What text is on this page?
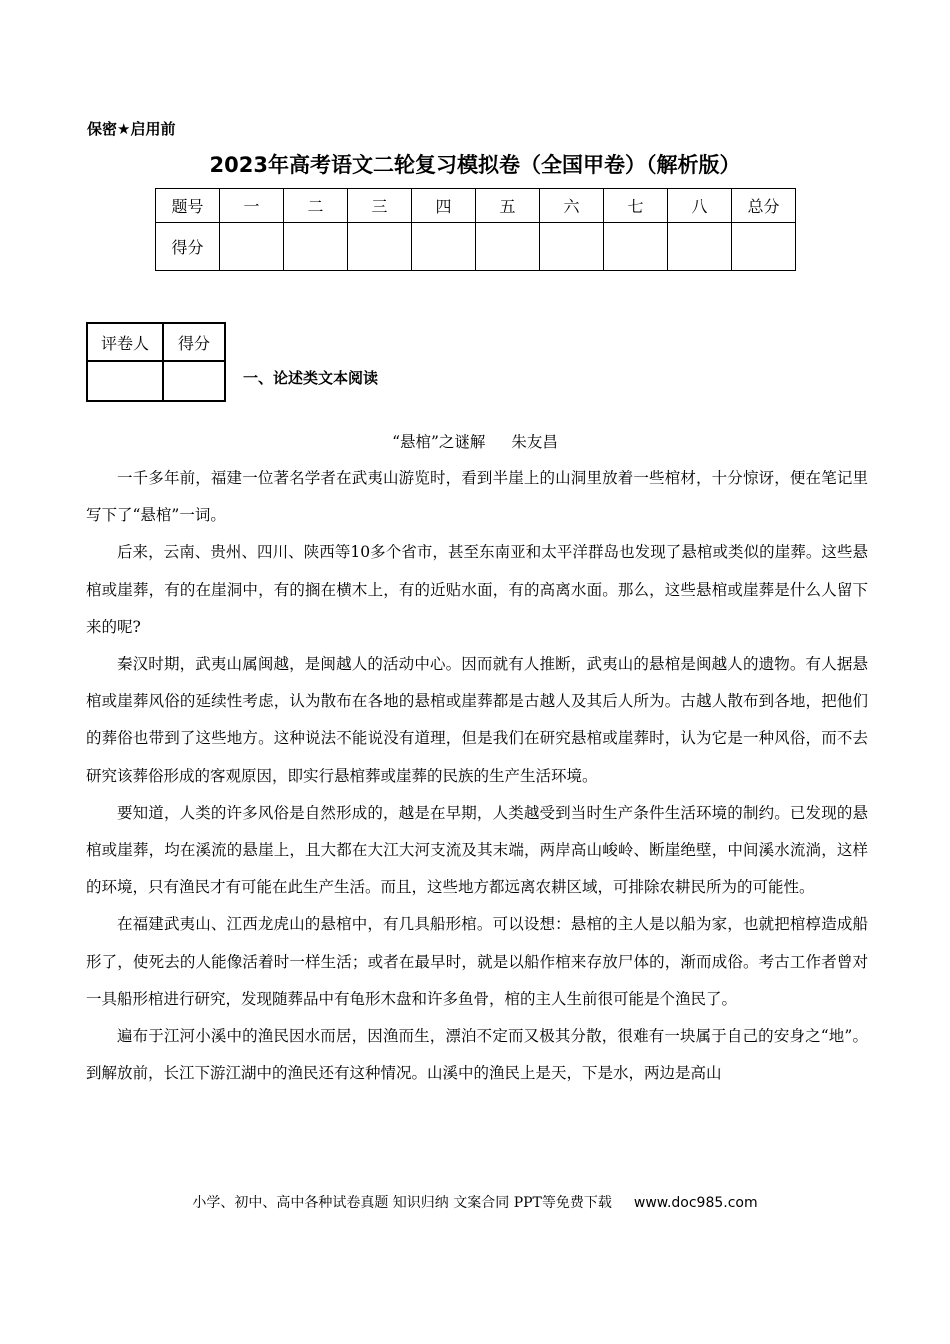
保密★启用前
2023年高考语文二轮复习模拟卷（全国甲卷）（解析版）
题号	一	二	三	四	五	六	七	八	总分
得分									
评卷人	得分

一、论述类文本阅读
“悬棺”之谜解 朱友昌

一千多年前，福建一位著名学者在武夷山游览时，看到半崖上的山洞里放着一些棺材，十分惊讶，便在笔记里写下了“悬棺”一词。

后来，云南、贵州、四川、陕西等10多个省市，甚至东南亚和太平洋群岛也发现了悬棺或类似的崖葬。这些悬棺或崖葬，有的在崖洞中，有的搁在横木上，有的近贴水面，有的高离水面。那么，这些悬棺或崖葬是什么人留下来的呢?

秦汉时期，武夷山属闽越，是闽越人的活动中心。因而就有人推断，武夷山的悬棺是闽越人的遗物。有人据悬棺或崖葬风俗的延续性考虑，认为散布在各地的悬棺或崖葬都是古越人及其后人所为。古越人散布到各地，把他们的葬俗也带到了这些地方。这种说法不能说没有道理，但是我们在研究悬棺或崖葬时，认为它是一种风俗，而不去研究该葬俗形成的客观原因，即实行悬棺葬或崖葬的民族的生产生活环境。

要知道，人类的许多风俗是自然形成的，越是在早期，人类越受到当时生产条件生活环境的制约。已发现的悬棺或崖葬，均在溪流的悬崖上，且大都在大江大河支流及其末端，两岸高山峻岭、断崖绝壁，中间溪水流淌，这样的环境，只有渔民才有可能在此生产生活。而且，这些地方都远离农耕区域，可排除农耕民所为的可能性。

在福建武夷山、江西龙虎山的悬棺中，有几具船形棺。可以设想：悬棺的主人是以船为家，也就把棺椁造成船形了，使死去的人能像活着时一样生活；或者在最早时，就是以船作棺来存放尸体的，渐而成俗。考古工作者曾对一具船形棺进行研究，发现随葬品中有龟形木盘和许多鱼骨，棺的主人生前很可能是个渔民了。

遍布于江河小溪中的渔民因水而居，因渔而生，漂泊不定而又极其分散，很难有一块属于自己的安身之“地”。到解放前，长江下游江湖中的渔民还有这种情况。山溪中的渔民上是天，下是水，两边是高山

小学、初中、高中各种试卷真题 知识归纳 文案合同 PPT等免费下载 www.doc985.com
